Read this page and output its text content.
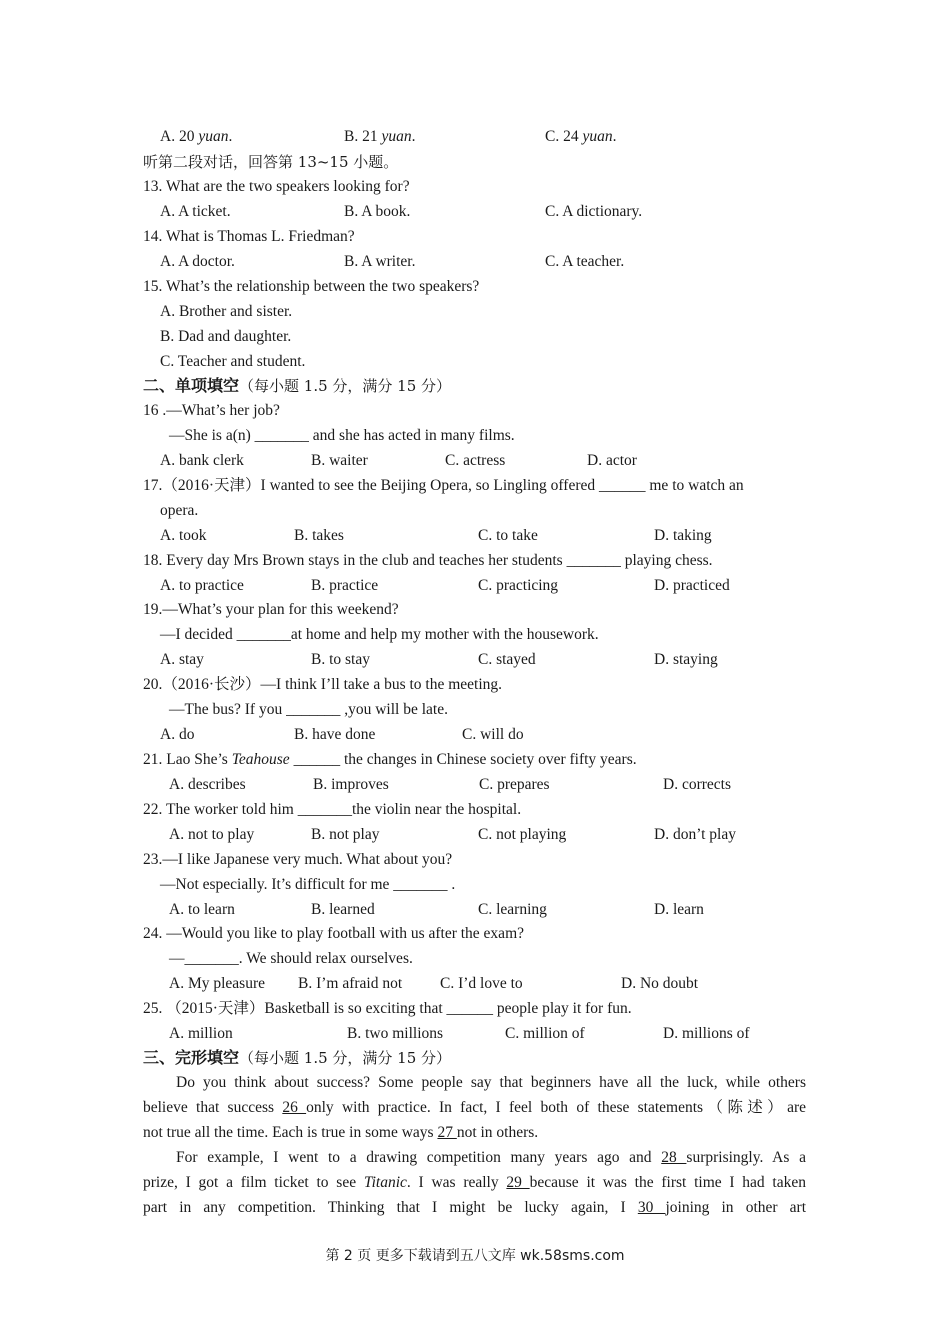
A. 20 yuan.	B. 21 yuan.	C. 24 yuan.
听第二段对话，回答第 13~15 小题。
13. What are the two speakers looking for?
A. A ticket.	B. A book.	C. A dictionary.
14. What is Thomas L. Friedman?
A. A doctor.	B. A writer.	C. A teacher.
15. What’s the relationship between the two speakers?
A. Brother and sister.
B. Dad and daughter.
C. Teacher and student.
二、单项填空（每小题 1.5 分，满分 15 分）
16 .—What’s her job?
—She is a(n) _______ and she has acted in many films.
A. bank clerk	B. waiter	C. actress	D. actor
17.（2016·天津）I wanted to see the Beijing Opera, so Lingling offered ______ me to watch an
opera.
A. took	B. takes	C. to take	D. taking
18. Every day Mrs Brown stays in the club and teaches her students _______ playing chess.
A. to practice	B. practice	C. practicing	D. practiced
19.—What’s your plan for this weekend?
—I decided _______at home and help my mother with the housework.
A. stay	B. to stay	C. stayed	D. staying
20.（2016·长沙）—I think I’ll take a bus to the meeting.
—The bus? If you _______ ,you will be late.
A. do	B. have done	C. will do
21. Lao She’s Teahouse ______ the changes in Chinese society over fifty years.
A. describes	B. improves	C. prepares	D. corrects
22. The worker told him _______the violin near the hospital.
A. not to play	B. not play	C. not playing	D. don’t play
23.—I like Japanese very much. What about you?
—Not especially. It’s difficult for me _______ .
A. to learn	B. learned	C. learning	D. learn
24. —Would you like to play football with us after the exam?
—_______. We should relax ourselves.
A. My pleasure B. I’m afraid not C. I’d love to	D. No doubt
25. （2015·天津）Basketball is so exciting that ______ people play it for fun.
A. million	B. two millions	C. million of	D. millions of
三、完形填空（每小题 1.5 分，满分 15 分）
Do you think about success? Some people say that beginners have all the luck, while others
believe that success 26 only with practice. In fact, I feel both of these statements（陈述）are
not true all the time. Each is true in some ways 27 not in others.
For example, I went to a drawing competition many years ago and 28 surprisingly. As a
prize, I got a film ticket to see Titanic. I was really 29 because it was the first time I had taken
part in any competition. Thinking that I might be lucky again, I 30 joining in other art
第 2 页 更多下载请到五八文库 wk.58sms.com
